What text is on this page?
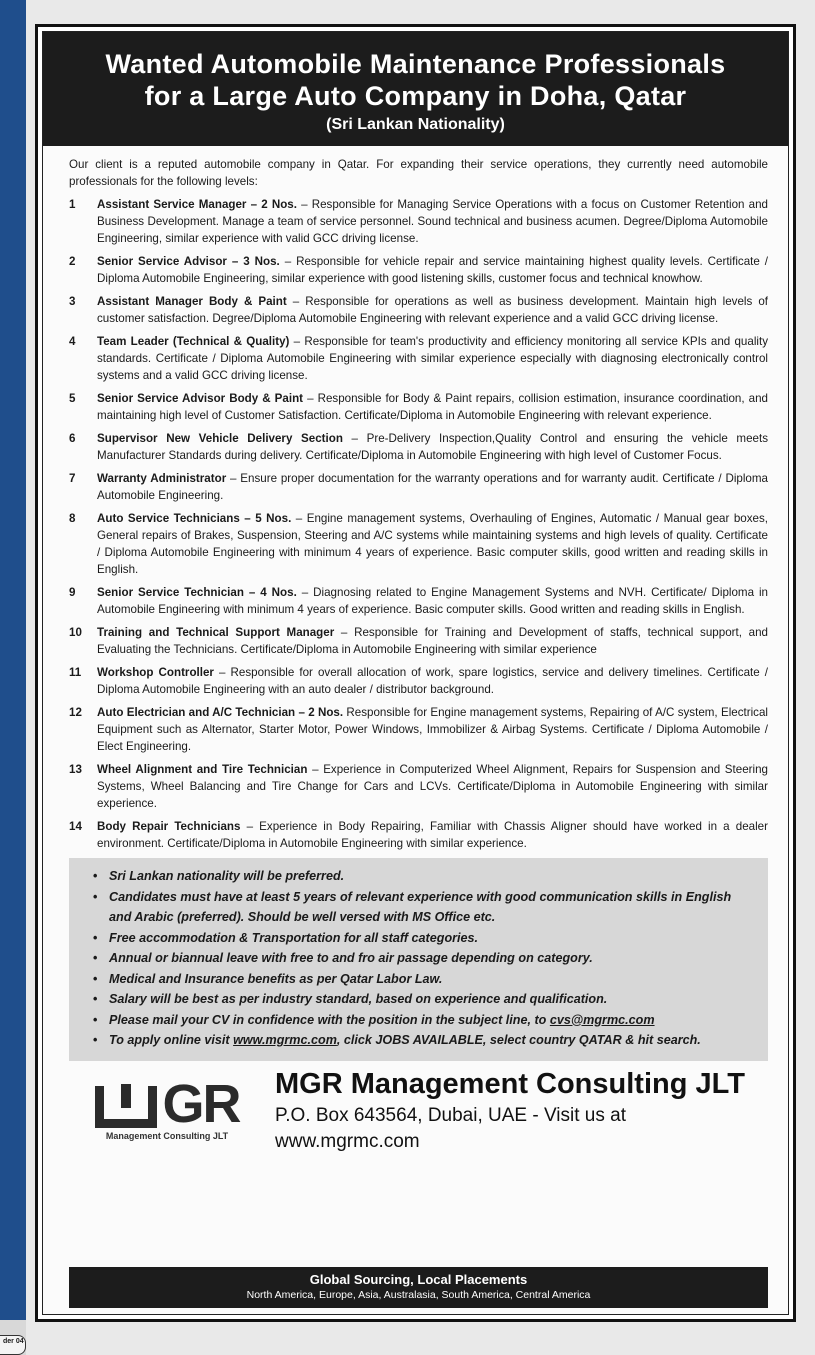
der 04
Wanted Automobile Maintenance Professionals
for a Large Auto Company in Doha, Qatar
(Sri Lankan Nationality)

Our client is a reputed automobile company in Qatar. For expanding their service operations, they currently need automobile professionals for the following levels:

1	Assistant Service Manager – 2 Nos. – Responsible for Managing Service Operations with a focus on Customer Retention and Business Development. Manage a team of service personnel. Sound technical and business acumen. Degree/Diploma Automobile Engineering, similar experience with valid GCC driving license.
2	Senior Service Advisor – 3 Nos. – Responsible for vehicle repair and service maintaining highest quality levels. Certificate / Diploma Automobile Engineering, similar experience with good listening skills, customer focus and technical knowhow.
3	Assistant Manager Body & Paint – Responsible for operations as well as business development. Maintain high levels of customer satisfaction. Degree/Diploma Automobile Engineering with relevant experience and a valid GCC driving license.
4	Team Leader (Technical & Quality) – Responsible for team's productivity and efficiency monitoring all service KPIs and quality standards. Certificate / Diploma Automobile Engineering with similar experience especially with diagnosing electronically control systems and a valid GCC driving license.
5	Senior Service Advisor Body & Paint – Responsible for Body & Paint repairs, collision estimation, insurance coordination, and maintaining high level of Customer Satisfaction. Certificate/Diploma in Automobile Engineering with relevant experience.
6	Supervisor New Vehicle Delivery Section – Pre-Delivery Inspection,Quality Control and ensuring the vehicle meets Manufacturer Standards during delivery. Certificate/Diploma in Automobile Engineering with high level of Customer Focus.
7	Warranty Administrator – Ensure proper documentation for the warranty operations and for warranty audit. Certificate / Diploma Automobile Engineering.
8	Auto Service Technicians – 5 Nos. – Engine management systems, Overhauling of Engines, Automatic / Manual gear boxes, General repairs of Brakes, Suspension, Steering and A/C systems while maintaining systems and high levels of quality. Certificate / Diploma Automobile Engineering with minimum 4 years of experience. Basic computer skills, good written and reading skills in English.
9	Senior Service Technician – 4 Nos. – Diagnosing related to Engine Management Systems and NVH. Certificate/ Diploma in Automobile Engineering with minimum 4 years of experience. Basic computer skills. Good written and reading skills in English.
10	Training and Technical Support Manager – Responsible for Training and Development of staffs, technical support, and Evaluating the Technicians. Certificate/Diploma in Automobile Engineering with similar experience
11	Workshop Controller – Responsible for overall allocation of work, spare logistics, service and delivery timelines. Certificate / Diploma Automobile Engineering with an auto dealer / distributor background.
12	Auto Electrician and A/C Technician – 2 Nos. Responsible for Engine management systems, Repairing of A/C system, Electrical Equipment such as Alternator, Starter Motor, Power Windows, Immobilizer & Airbag Systems. Certificate / Diploma Automobile / Elect Engineering.
13	Wheel Alignment and Tire Technician – Experience in Computerized Wheel Alignment, Repairs for Suspension and Steering Systems, Wheel Balancing and Tire Change for Cars and LCVs. Certificate/Diploma in Automobile Engineering with similar experience.
14	Body Repair Technicians – Experience in Body Repairing, Familiar with Chassis Aligner should have worked in a dealer environment. Certificate/Diploma in Automobile Engineering with similar experience.
• Sri Lankan nationality will be preferred.
• Candidates must have at least 5 years of relevant experience with good communication skills in English and Arabic (preferred). Should be well versed with MS Office etc.
• Free accommodation & Transportation for all staff categories.
• Annual or biannual leave with free to and fro air passage depending on category.
• Medical and Insurance benefits as per Qatar Labor Law.
• Salary will be best as per industry standard, based on experience and qualification.
• Please mail your CV in confidence with the position in the subject line, to cvs@mgrmc.com
• To apply online visit www.mgrmc.com, click JOBS AVAILABLE, select country QATAR & hit search.
GR
Management Consulting JLT
MGR Management Consulting JLT
P.O. Box 643564, Dubai, UAE - Visit us at www.mgrmc.com
Global Sourcing, Local Placements
North America, Europe, Asia, Australasia, South America, Central America
